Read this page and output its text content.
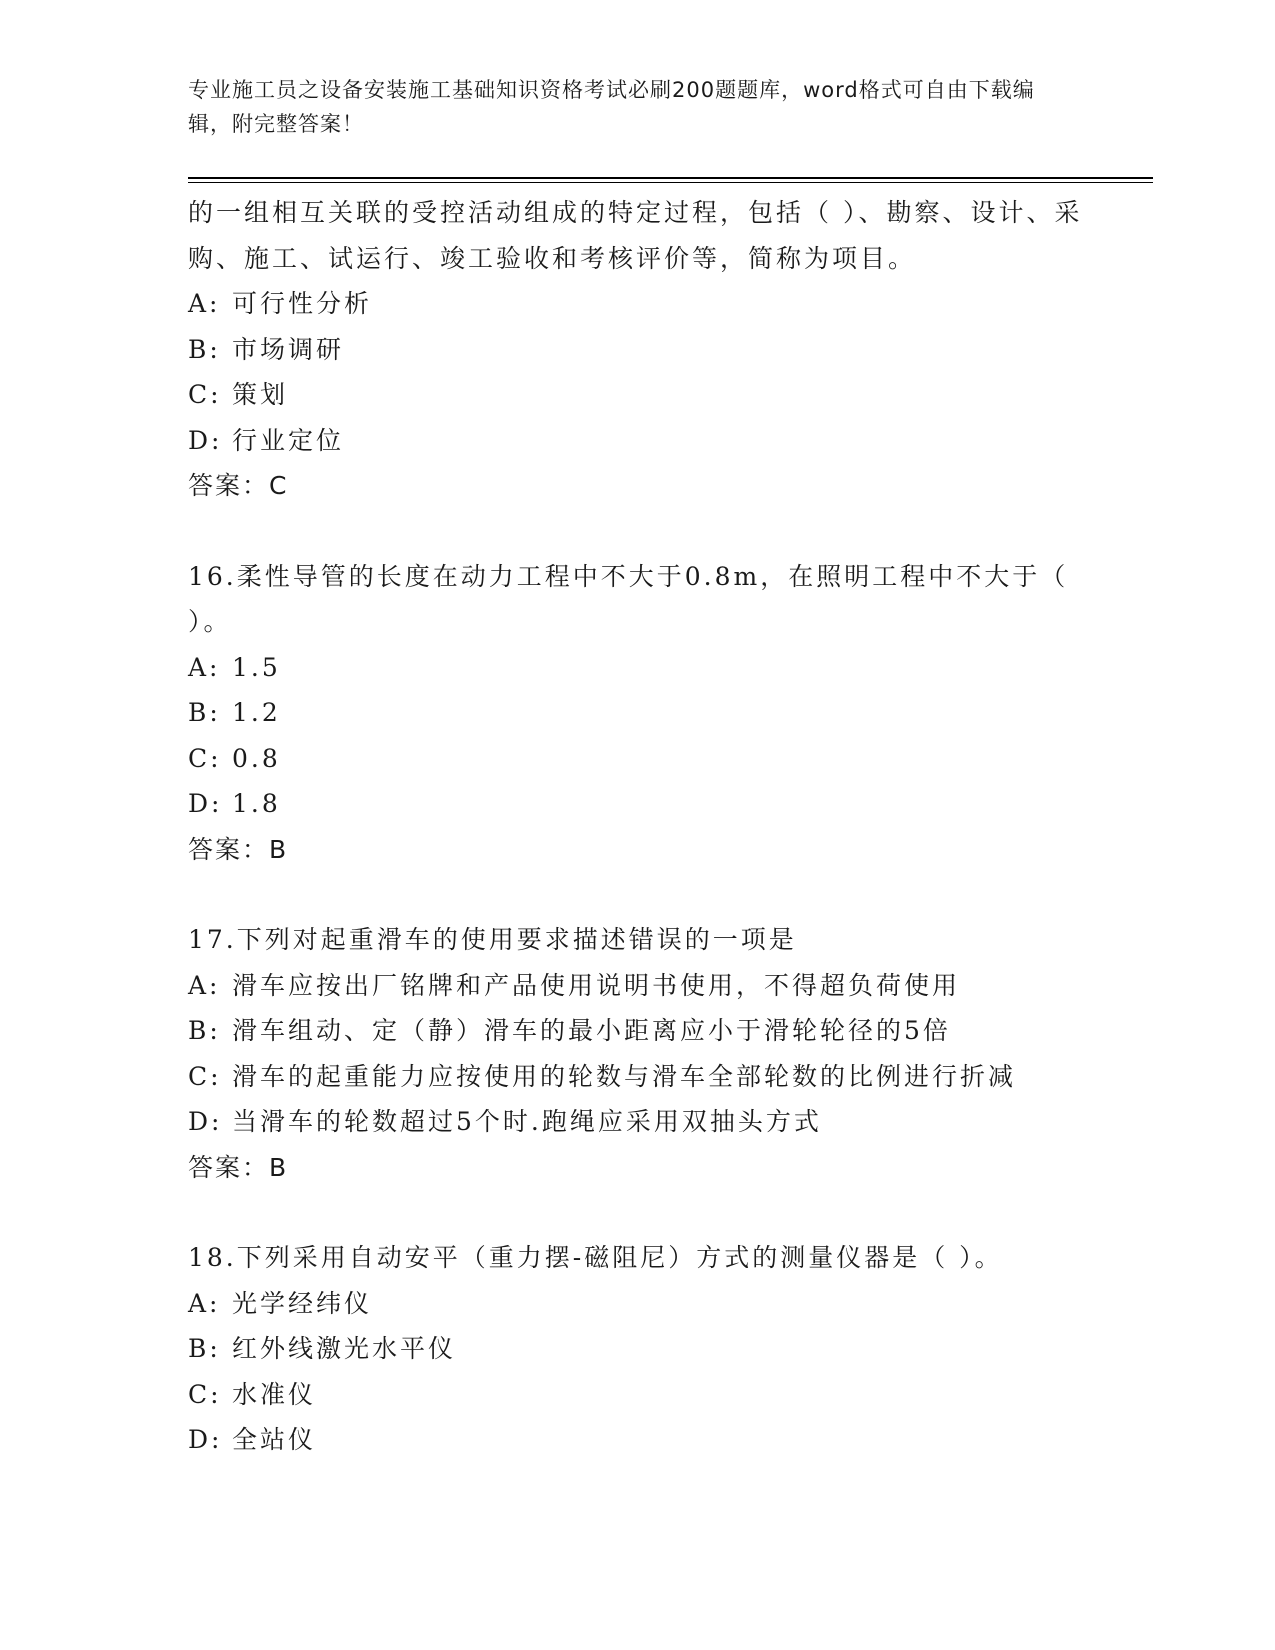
专业施工员之设备安装施工基础知识资格考试必刷200题题库，word格式可自由下载编辑，附完整答案！

的一组相互关联的受控活动组成的特定过程，包括（ ）、勘察、设计、采购、施工、试运行、竣工验收和考核评价等，简称为项目。

A: 可行性分析

B: 市场调研

C: 策划

D: 行业定位

答案：C

16.柔性导管的长度在动力工程中不大于0.8m，在照明工程中不大于（ ）。

A: 1.5

B: 1.2

C: 0.8

D: 1.8

答案：B

17.下列对起重滑车的使用要求描述错误的一项是

A: 滑车应按出厂铭牌和产品使用说明书使用，不得超负荷使用

B: 滑车组动、定（静）滑车的最小距离应小于滑轮轮径的5倍

C: 滑车的起重能力应按使用的轮数与滑车全部轮数的比例进行折减

D: 当滑车的轮数超过5个时.跑绳应采用双抽头方式

答案：B

18.下列采用自动安平（重力摆-磁阻尼）方式的测量仪器是（ ）。

A: 光学经纬仪

B: 红外线激光水平仪

C: 水准仪

D: 全站仪
